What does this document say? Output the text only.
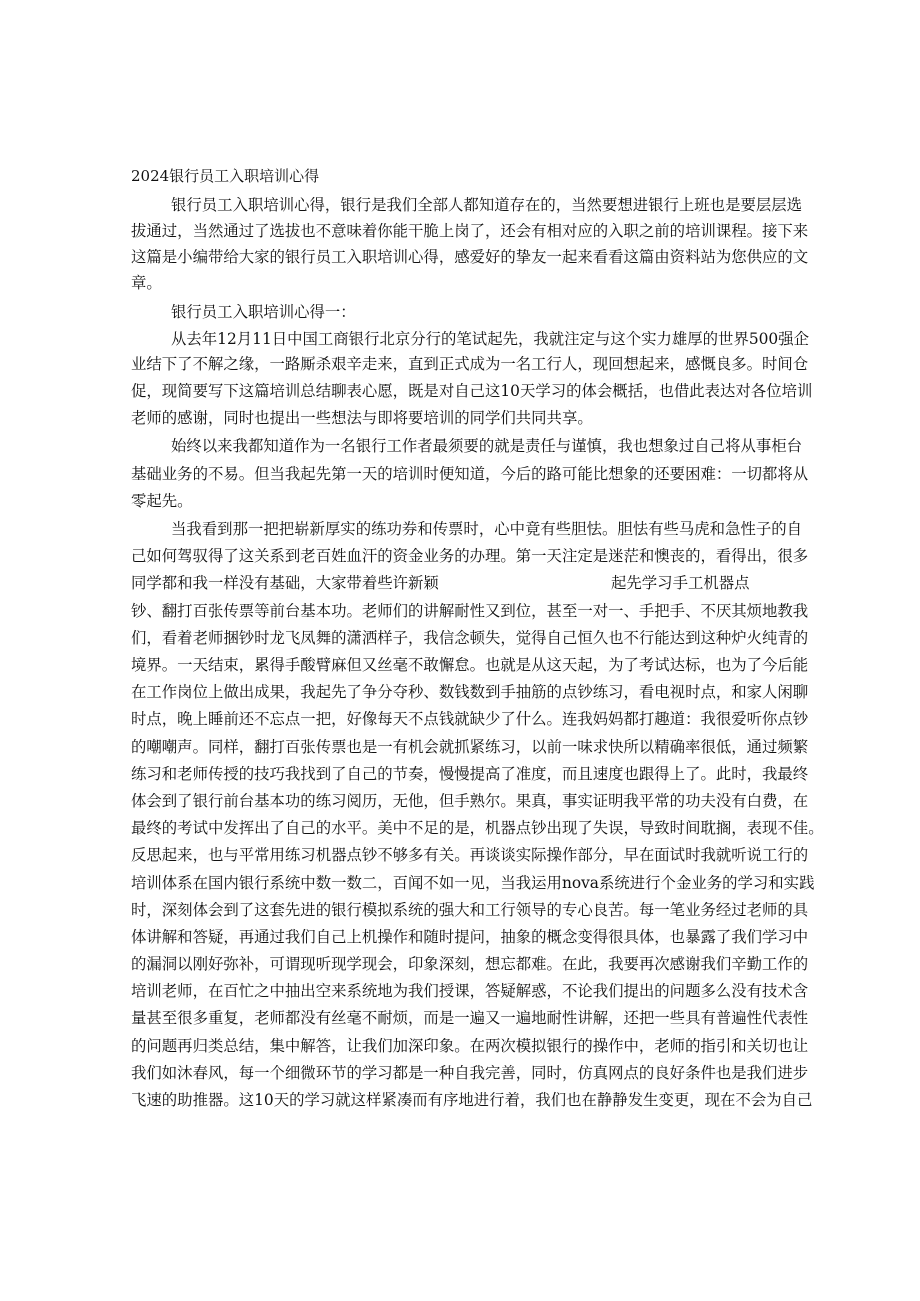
2024银行员工入职培训心得

银行员工入职培训心得，银行是我们全部人都知道存在的，当然要想进银行上班也是要层层选

拔通过，当然通过了选拔也不意味着你能干脆上岗了，还会有相对应的入职之前的培训课程。接下来

这篇是小编带给大家的银行员工入职培训心得，感爱好的挚友一起来看看这篇由资料站为您供应的文

章。

银行员工入职培训心得一：

从去年12月11日中国工商银行北京分行的笔试起先，我就注定与这个实力雄厚的世界500强企

业结下了不解之缘，一路厮杀艰辛走来，直到正式成为一名工行人，现回想起来，感慨良多。时间仓

促，现简要写下这篇培训总结聊表心愿，既是对自己这10天学习的体会概括，也借此表达对各位培训

老师的感谢，同时也提出一些想法与即将要培训的同学们共同共享。

始终以来我都知道作为一名银行工作者最须要的就是责任与谨慎，我也想象过自己将从事柜台

基础业务的不易。但当我起先第一天的培训时便知道，今后的路可能比想象的还要困难：一切都将从

零起先。

当我看到那一把把崭新厚实的练功券和传票时，心中竟有些胆怯。胆怯有些马虎和急性子的自

己如何驾驭得了这关系到老百姓血汗的资金业务的办理。第一天注定是迷茫和懊丧的，看得出，很多

同学都和我一样没有基础，大家带着些许新颖	起先学习手工机器点

钞、翻打百张传票等前台基本功。老师们的讲解耐性又到位，甚至一对一、手把手、不厌其烦地教我

们，看着老师捆钞时龙飞凤舞的潇洒样子，我信念顿失，觉得自己恒久也不行能达到这种炉火纯青的

境界。一天结束，累得手酸臂麻但又丝毫不敢懈怠。也就是从这天起，为了考试达标，也为了今后能

在工作岗位上做出成果，我起先了争分夺秒、数钱数到手抽筋的点钞练习，看电视时点，和家人闲聊

时点，晚上睡前还不忘点一把，好像每天不点钱就缺少了什么。连我妈妈都打趣道：我很爱听你点钞

的嘲嘲声。同样，翻打百张传票也是一有机会就抓紧练习，以前一味求快所以精确率很低，通过频繁

练习和老师传授的技巧我找到了自己的节奏，慢慢提高了准度，而且速度也跟得上了。此时，我最终

体会到了银行前台基本功的练习阅历，无他，但手熟尔。果真，事实证明我平常的功夫没有白费，在

最终的考试中发挥出了自己的水平。美中不足的是，机器点钞出现了失误，导致时间耽搁，表现不佳。

反思起来，也与平常用练习机器点钞不够多有关。再谈谈实际操作部分，早在面试时我就听说工行的

培训体系在国内银行系统中数一数二，百闻不如一见，当我运用nova系统进行个金业务的学习和实践

时，深刻体会到了这套先进的银行模拟系统的强大和工行领导的专心良苦。每一笔业务经过老师的具

体讲解和答疑，再通过我们自己上机操作和随时提问，抽象的概念变得很具体，也暴露了我们学习中

的漏洞以刚好弥补，可谓现听现学现会，印象深刻，想忘都难。在此，我要再次感谢我们辛勤工作的

培训老师，在百忙之中抽出空来系统地为我们授课，答疑解惑，不论我们提出的问题多么没有技术含

量甚至很多重复，老师都没有丝毫不耐烦，而是一遍又一遍地耐性讲解，还把一些具有普遍性代表性

的问题再归类总结，集中解答，让我们加深印象。在两次模拟银行的操作中，老师的指引和关切也让

我们如沐春风，每一个细微环节的学习都是一种自我完善，同时，仿真网点的良好条件也是我们进步

飞速的助推器。这10天的学习就这样紧凑而有序地进行着，我们也在静静发生变更，现在不会为自己
